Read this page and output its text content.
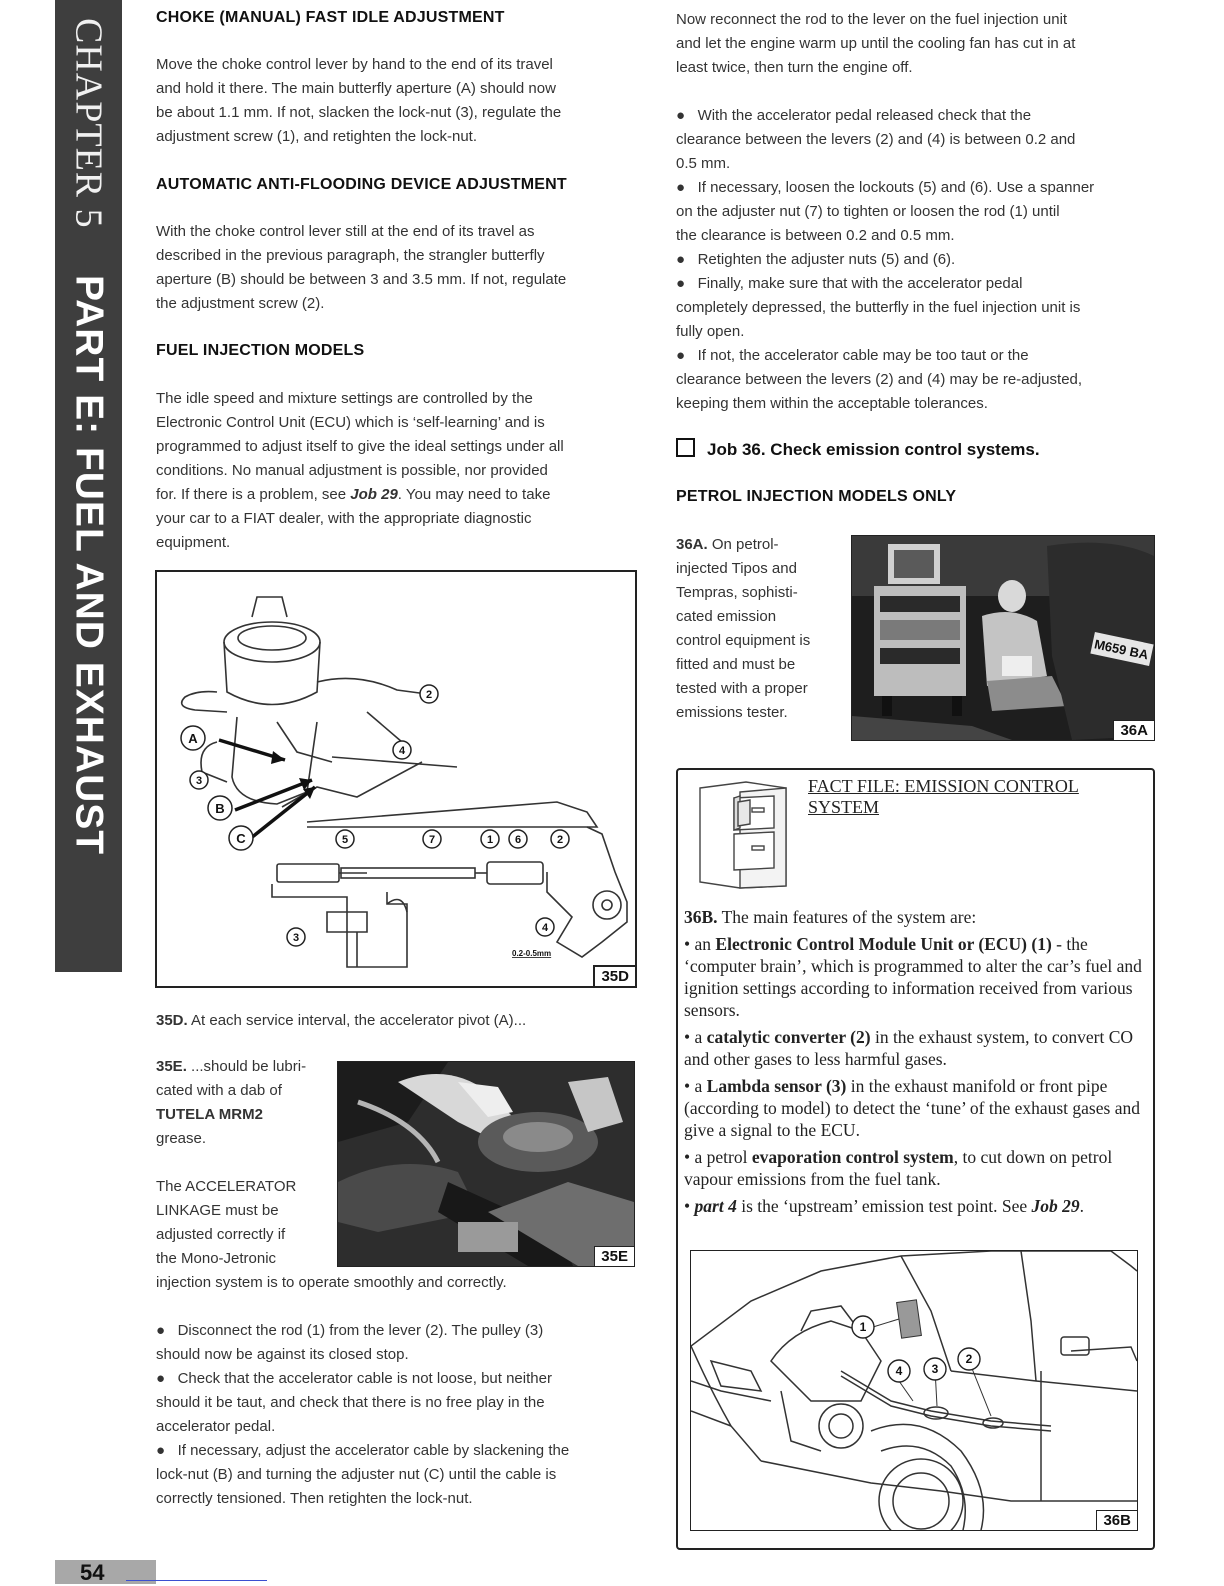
CHAPTER 5
PART E: FUEL AND EXHAUST
CHOKE (MANUAL) FAST IDLE ADJUSTMENT

Move the choke control lever by hand to the end of its travel

and hold it there. The main butterfly aperture (A) should now

be about 1.1 mm. If not, slacken the lock-nut (3), regulate the

adjustment screw (1), and retighten the lock-nut.

AUTOMATIC ANTI-FLOODING DEVICE ADJUSTMENT

With the choke control lever still at the end of its travel as

described in the previous paragraph, the strangler butterfly

aperture (B) should be between 3 and 3.5 mm. If not, regulate

the adjustment screw (2).

FUEL INJECTION MODELS

The idle speed and mixture settings are controlled by the

Electronic Control Unit (ECU) which is ‘self-learning’ and is

programmed to adjust itself to give the ideal settings under all

conditions. No manual adjustment is possible, nor provided

for. If there is a problem, see Job 29. You may need to take

your car to a FIAT dealer, with the appropriate diagnostic

equipment.

2
4
3
5	7	1 6	2
4
3
A
B
C
0.2-0.5mm
35D

35D. At each service interval, the accelerator pivot (A)...

35E. ...should be lubri-

cated with a dab of

TUTELA MRM2

grease.

35E

The ACCELERATOR

LINKAGE must be

adjusted correctly if

the Mono-Jetronic

injection system is to operate smoothly and correctly.

●   Disconnect the rod (1) from the lever (2). The pulley (3)

should now be against its closed stop.

●   Check that the accelerator cable is not loose, but neither

should it be taut, and check that there is no free play in the

accelerator pedal.

●   If necessary, adjust the accelerator cable by slackening the

lock-nut (B) and turning the adjuster nut (C) until the cable is

correctly tensioned. Then retighten the lock-nut.

Now reconnect the rod to the lever on the fuel injection unit

and let the engine warm up until the cooling fan has cut in at

least twice, then turn the engine off.

●   With the accelerator pedal released check that the

clearance between the levers (2) and (4) is between 0.2 and

0.5 mm.

●   If necessary, loosen the lockouts (5) and (6). Use a spanner

on the adjuster nut (7) to tighten or loosen the rod (1) until

the clearance is between 0.2 and 0.5 mm.

●   Retighten the adjuster nuts (5) and (6).

●   Finally, make sure that with the accelerator pedal

completely depressed, the butterfly in the fuel injection unit is

fully open.

●   If not, the accelerator cable may be too taut or the

clearance between the levers (2) and (4) may be re-adjusted,

keeping them within the acceptable tolerances.

Job 36. Check emission control systems.
PETROL INJECTION MODELS ONLY

36A. On petrol-

injected Tipos and

Tempras, sophisti-

cated emission

control equipment is

fitted and must be

tested with a proper

emissions tester.

M659 BA
36A
FACT FILE: EMISSION CONTROL SYSTEM

36B. The main features of the system are:

• an Electronic Control Module Unit or (ECU) (1) - the ‘computer brain’, which is programmed to alter the car’s fuel and ignition settings according to information received from various sensors.

• a catalytic converter (2) in the exhaust system, to convert CO and other gases to less harmful gases.

• a Lambda sensor (3) in the exhaust manifold or front pipe (according to model) to detect the ‘tune’ of the exhaust gases and give a signal to the ECU.

• a petrol evaporation control system, to cut down on petrol vapour emissions from the fuel tank.

• part 4 is the ‘upstream’ emission test point. See Job 29.

1
4 3
2
36B
54
